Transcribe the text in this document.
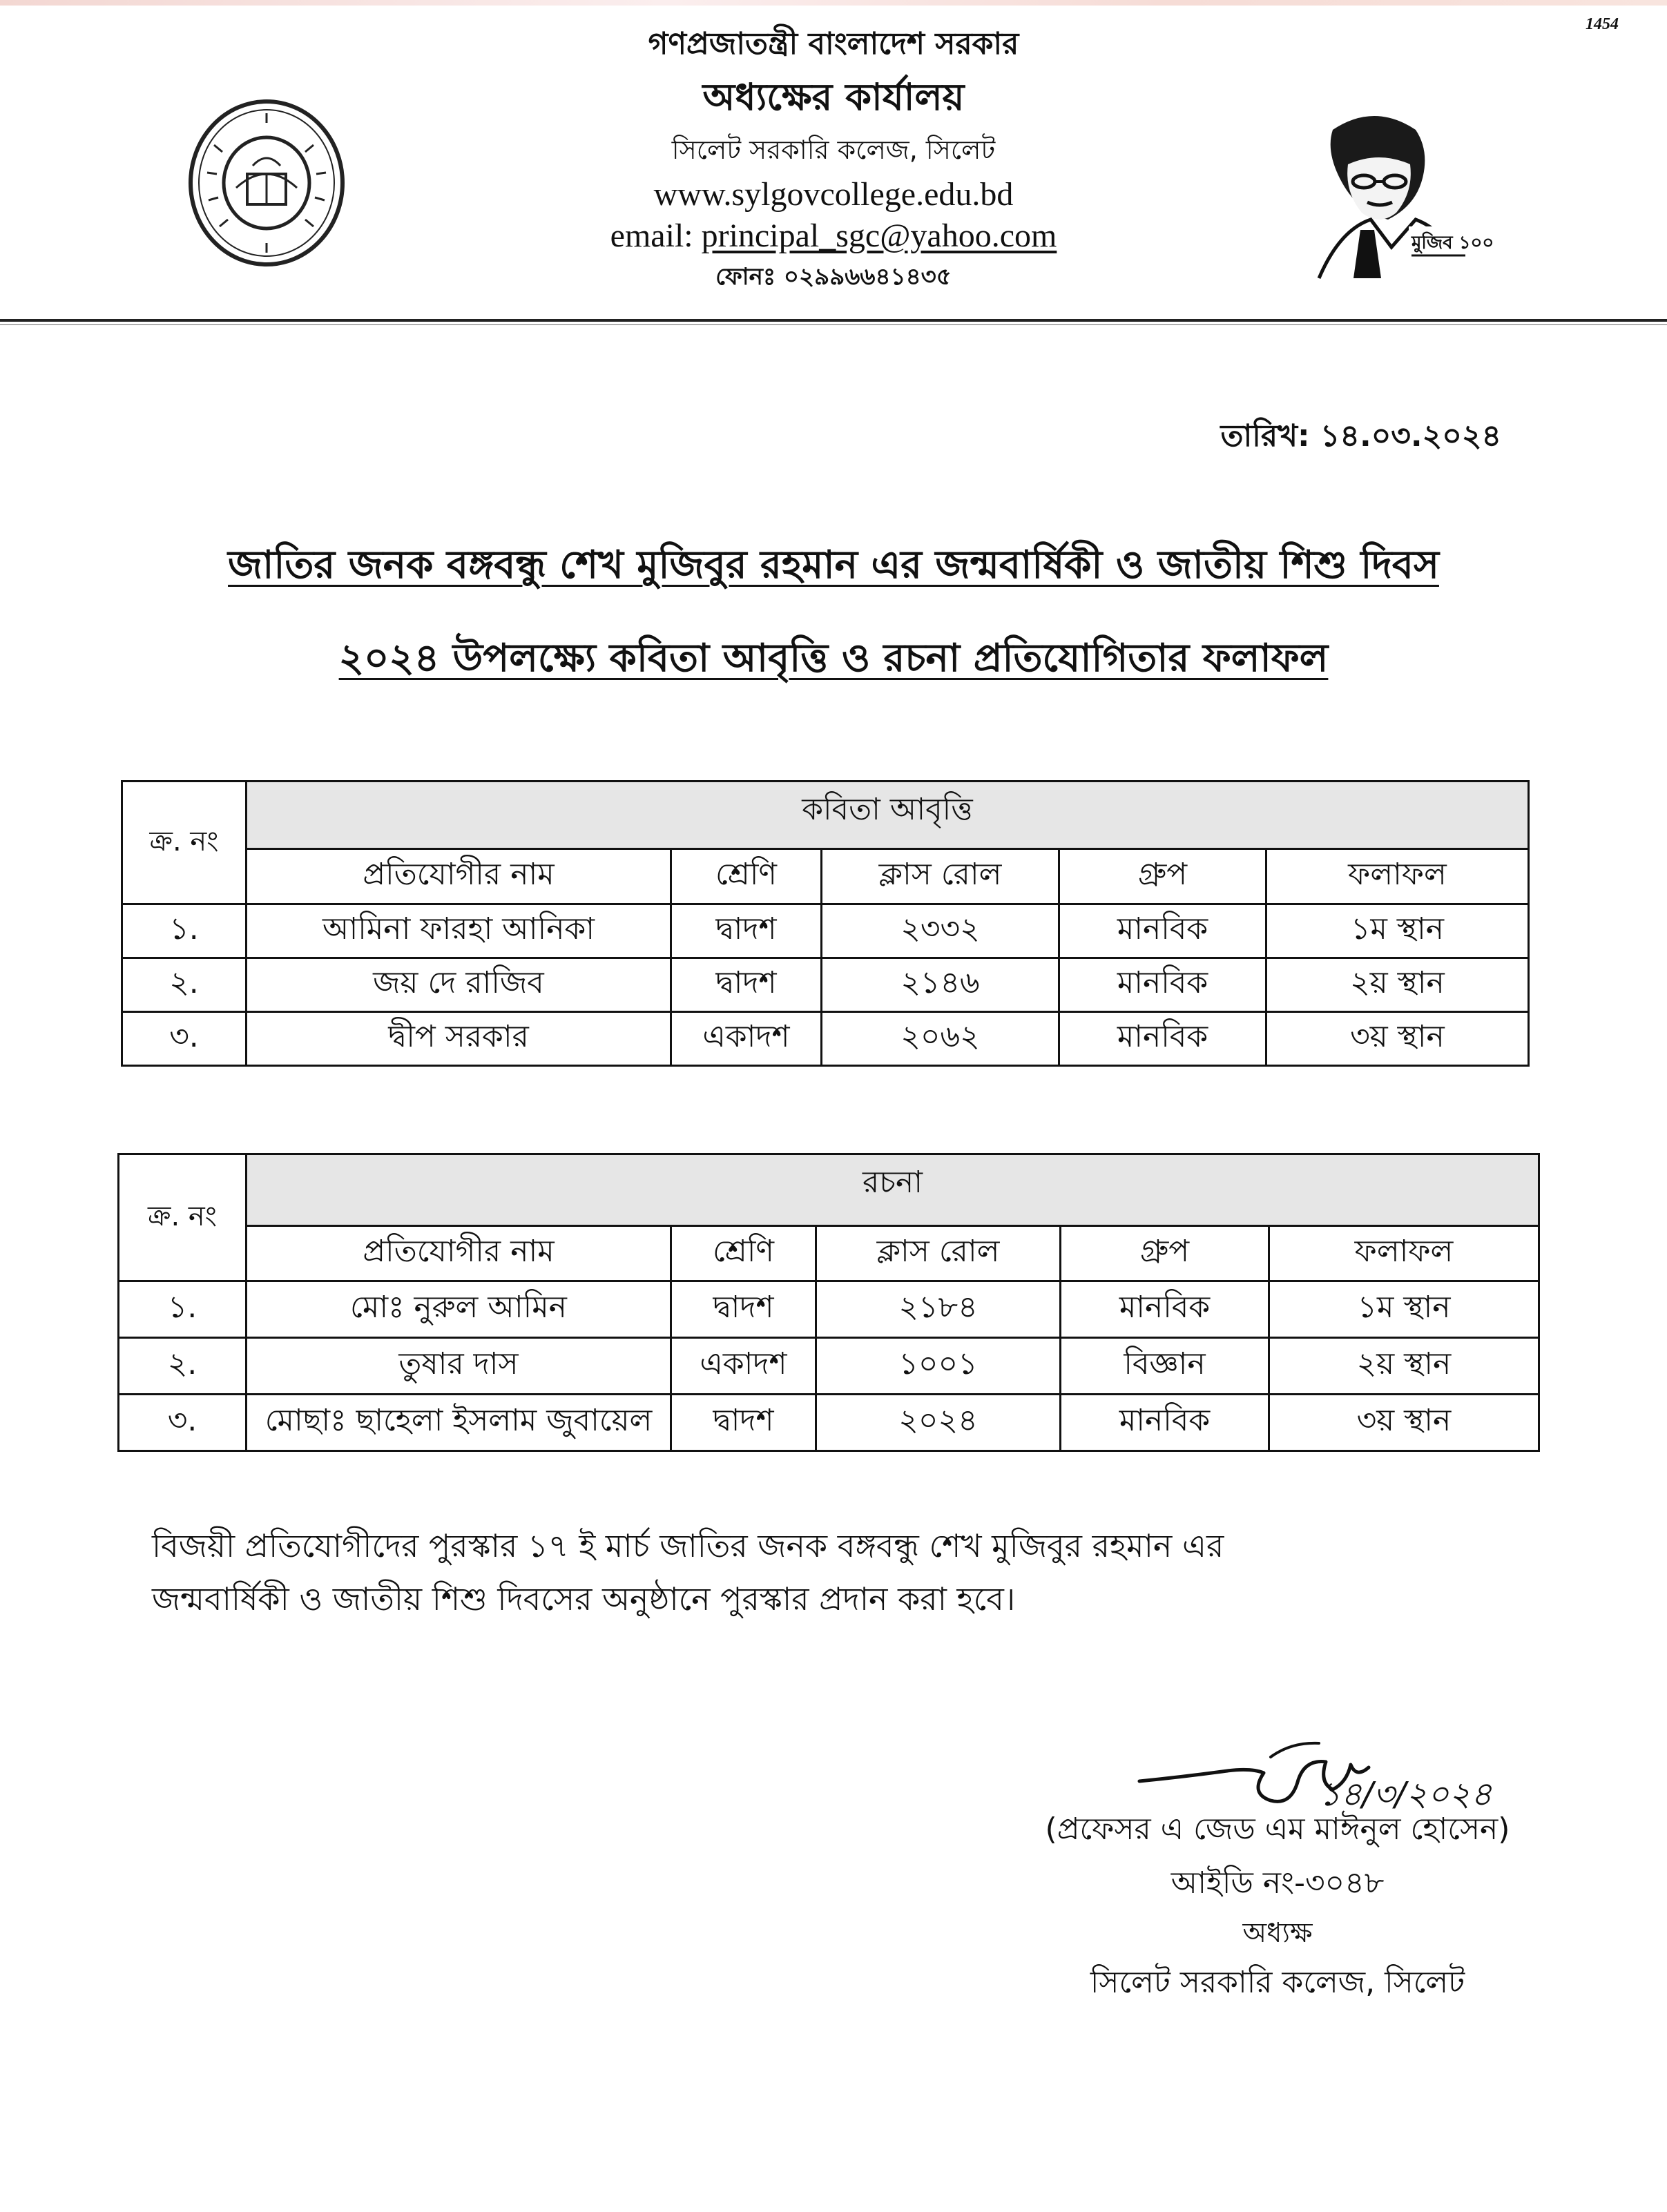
1454
গণপ্রজাতন্ত্রী বাংলাদেশ সরকার
অধ্যক্ষের কার্যালয়
সিলেট সরকারি কলেজ, সিলেট
www.sylgovcollege.edu.bd
email: principal_sgc@yahoo.com
ফোনঃ ০২৯৯৬৬৪১৪৩৫
মুজিব ১০০
তারিখ: ১৪.০৩.২০২৪
জাতির জনক বঙ্গবন্ধু শেখ মুজিবুর রহমান এর জন্মবার্ষিকী ও জাতীয় শিশু দিবস
২০২৪ উপলক্ষ্যে কবিতা আবৃত্তি ও রচনা প্রতিযোগিতার ফলাফল
ক্র. নং	কবিতা আবৃত্তি				
	প্রতিযোগীর নাম	শ্রেণি	ক্লাস রোল	গ্রুপ	ফলাফল
১.	আমিনা ফারহা আনিকা	দ্বাদশ	২৩৩২	মানবিক	১ম স্থান
২.	জয় দে রাজিব	দ্বাদশ	২১৪৬	মানবিক	২য় স্থান
৩.	দ্বীপ সরকার	একাদশ	২০৬২	মানবিক	৩য় স্থান
ক্র. নং	রচনা				
	প্রতিযোগীর নাম	শ্রেণি	ক্লাস রোল	গ্রুপ	ফলাফল
১.	মোঃ নুরুল আমিন	দ্বাদশ	২১৮৪	মানবিক	১ম স্থান
২.	তুষার দাস	একাদশ	১০০১	বিজ্ঞান	২য় স্থান
৩.	মোছাঃ ছাহেলা ইসলাম জুবায়েল	দ্বাদশ	২০২৪	মানবিক	৩য় স্থান
বিজয়ী প্রতিযোগীদের পুরস্কার ১৭ ই মার্চ জাতির জনক বঙ্গবন্ধু শেখ মুজিবুর রহমান এর
জন্মবার্ষিকী ও জাতীয় শিশু দিবসের অনুষ্ঠানে পুরস্কার প্রদান করা হবে।
১৪/৩/২০২৪
(প্রফেসর এ জেড এম মাঈনুল হোসেন)
আইডি নং-৩০৪৮
অধ্যক্ষ
সিলেট সরকারি কলেজ, সিলেট
